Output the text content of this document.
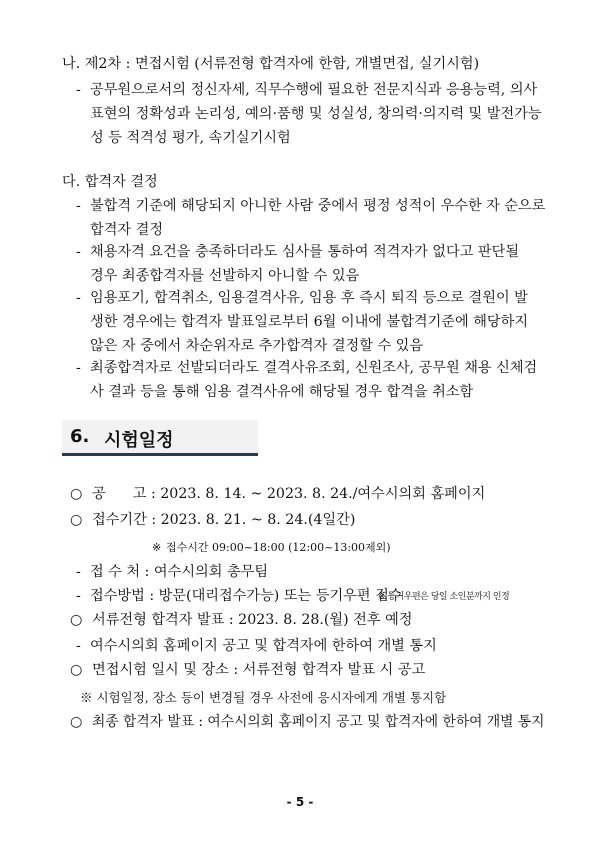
나. 제2차 : 면접시험 (서류전형 합격자에 한함, 개별면접, 실기시험)
- 공무원으로서의 정신자세, 직무수행에 필요한 전문지식과 응용능력, 의사
표현의 정확성과 논리성, 예의·품행 및 성실성, 창의력·의지력 및 발전가능
성 등 적격성 평가, 속기실기시험
다. 합격자 결정
- 불합격 기준에 해당되지 아니한 사람 중에서 평정 성적이 우수한 자 순으로
합격자 결정
- 채용자격 요건을 충족하더라도 심사를 통하여 적격자가 없다고 판단될
경우 최종합격자를 선발하지 아니할 수 있음
- 임용포기, 합격취소, 임용결격사유, 임용 후 즉시 퇴직 등으로 결원이 발
생한 경우에는 합격자 발표일로부터 6월 이내에 불합격기준에 해당하지
않은 자 중에서 차순위자로 추가합격자 결정할 수 있음
- 최종합격자로 선발되더라도 결격사유조회, 신원조사, 공무원 채용 신체검
사 결과 등을 통해 임용 결격사유에 해당될 경우 합격을 취소함
6. 시험일정
○ 공      고 : 2023. 8. 14. ~ 2023. 8. 24./여수시의회 홈페이지
○ 접수기간 : 2023. 8. 21. ~ 8. 24.(4일간)
※ 접수시간 09:00~18:00 (12:00~13:00제외)
- 접 수 처 : 여수시의회 총무팀
- 접수방법 : 방문(대리접수가능) 또는 등기우편 접수
※ 등기우편은 당일 소인분까지 인정
○ 서류전형 합격자 발표 : 2023. 8. 28.(월) 전후 예정
- 여수시의회 홈페이지 공고 및 합격자에 한하여 개별 통지
○ 면접시험 일시 및 장소 : 서류전형 합격자 발표 시 공고
※ 시험일정, 장소 등이 변경될 경우 사전에 응시자에게 개별 통지함
○ 최종 합격자 발표 : 여수시의회 홈페이지 공고 및 합격자에 한하여 개별 통지
- 5 -
